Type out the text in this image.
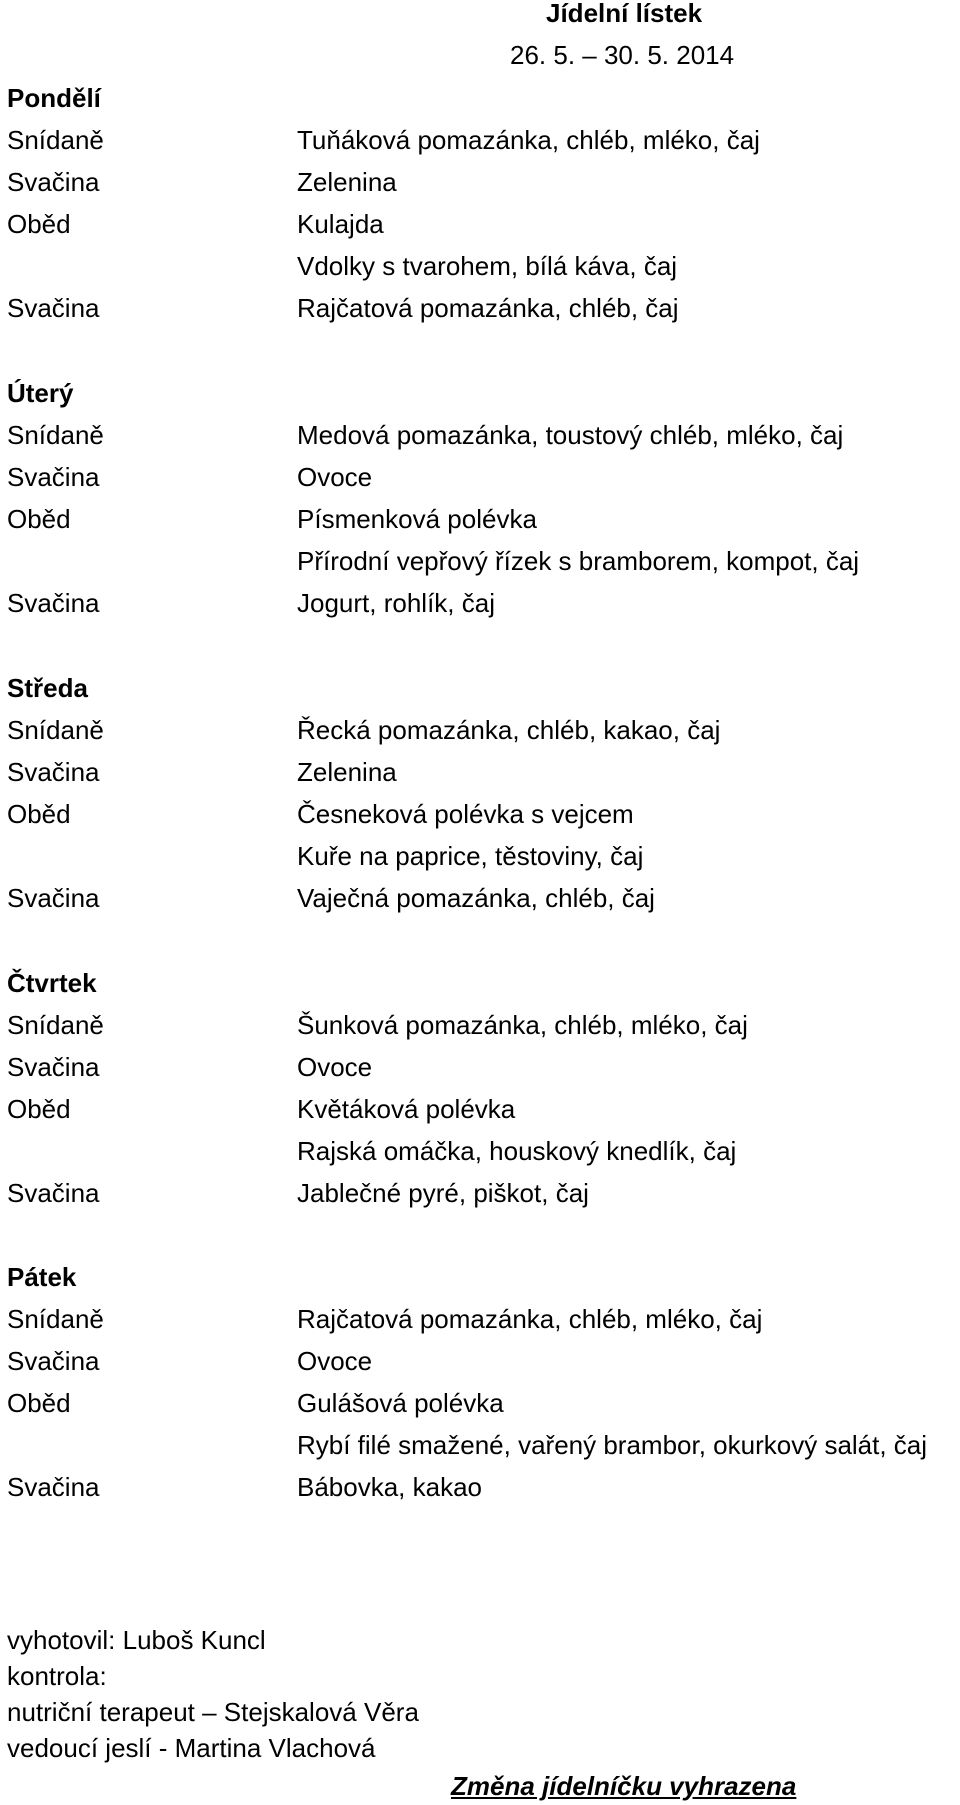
Jídelní lístek
26. 5. – 30. 5. 2014
Pondělí
Snídaně	Tuňáková pomazánka, chléb, mléko, čaj
Svačina	Zelenina
Oběd	Kulajda
Vdolky s tvarohem, bílá káva, čaj
Svačina	Rajčatová pomazánka, chléb, čaj
Úterý
Snídaně	Medová pomazánka, toustový chléb, mléko, čaj
Svačina	Ovoce
Oběd	Písmenková polévka
Přírodní vepřový řízek s bramborem, kompot, čaj
Svačina	Jogurt, rohlík, čaj
Středa
Snídaně	Řecká pomazánka, chléb, kakao, čaj
Svačina	Zelenina
Oběd	Česneková polévka s vejcem
Kuře na paprice, těstoviny, čaj
Svačina	Vaječná pomazánka, chléb, čaj
Čtvrtek
Snídaně	Šunková pomazánka, chléb, mléko, čaj
Svačina	Ovoce
Oběd	Květáková polévka
Rajská omáčka, houskový knedlík, čaj
Svačina	Jablečné pyré, piškot, čaj
Pátek
Snídaně	Rajčatová pomazánka, chléb, mléko, čaj
Svačina	Ovoce
Oběd	Gulášová polévka
Rybí filé smažené, vařený brambor, okurkový salát, čaj
Svačina	Bábovka, kakao
vyhotovil: Luboš Kuncl
kontrola:
nutriční terapeut – Stejskalová Věra
vedoucí jeslí - Martina Vlachová
Změna jídelníčku vyhrazena
